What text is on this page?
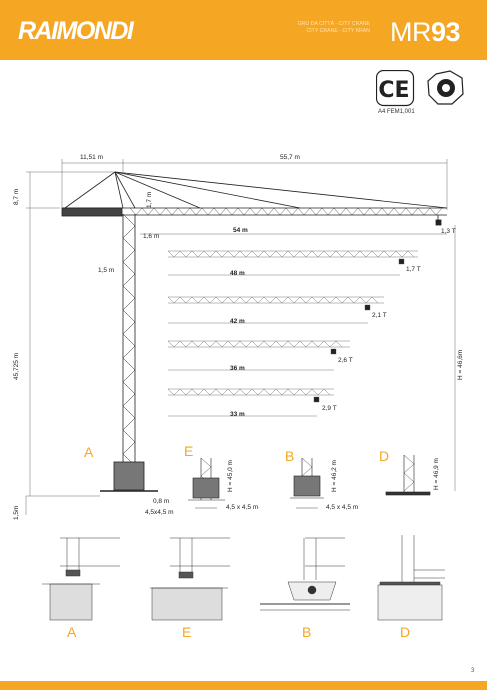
RAIMONDI	GRU DA CITTÀ - CITY CRANE
CITY CRANE - CITY KRAN MR93
CE
A4 FEM1,001
11,51 m	55,7 m
8,7 m	1,7 m
1,6 m
1,5 m
45,725 m	H = 46,6m
1,5m
0,8 m
4,5x4,5 m
54 m	1,3 T
48 m
1,7 T
42 m
2,1 T
36 m
2,6 T
33 m
2,9 T
A	E
H = 45,0 m
4,5 x 4,5 m
B
H = 46,2 m
4,5 x 4,5 m
D
H = 46,9 m
A	E	B	D
3
